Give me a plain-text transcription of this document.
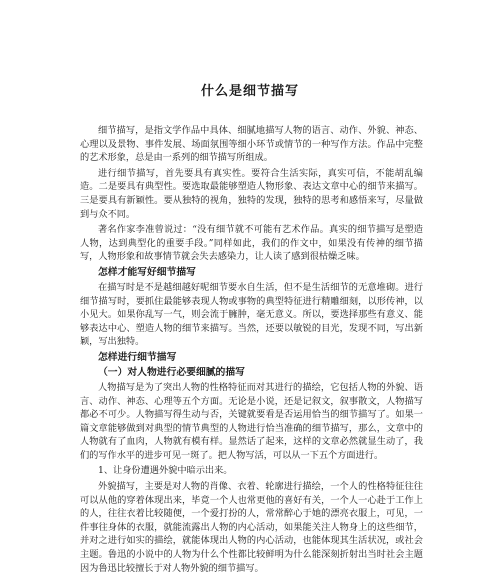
什么是细节描写

细节描写，是指文学作品中具体、细腻地描写人物的语言、动作、外貌、神态、心理以及景物、事件发展、场面氛围等细小环节或情节的一种写作方法。作品中完整的艺术形象，总是由一系列的细节描写所组成。

进行细节描写，首先要具有真实性。要符合生活实际，真实可信，不能胡乱编造。二是要具有典型性。要选取最能够塑造人物形象、表达文章中心的细节来描写。三是要具有新颖性。要从独特的视角，独特的发现，独特的思考和感悟来写，尽量做到与众不同。

著名作家李准曾说过：“没有细节就不可能有艺术作品。真实的细节描写是塑造人物，达到典型化的重要手段。”同样如此，我们的作文中，如果没有传神的细节描写，人物形象和故事情节就会失去感染力，让人读了感到很枯燥乏味。

怎样才能写好细节描写

在描写时是不是越细越好呢细节要水自生活，但不是生活细节的无意堆砌。进行细节描写时，要抓住最能够表现人物或事物的典型特征进行精雕细刻，以形传神，以小见大。如果你乱写一气，则会流于臃肿，毫无意义。所以，要选择那些有意义、能够表达中心、塑造人物的细节来描写。当然，还要以敏锐的目光，发现不同，写出新颖，写出独特。

怎样进行细节描写
（一）对人物进行必要细腻的描写

人物描写是为了突出人物的性格特征而对其进行的描绘，它包括人物的外貌、语言、动作、神态、心理等五个方面。无论是小说，还是记叙文，叙事散文，人物描写都必不可少。人物描写得生动与否，关键就要看是否运用恰当的细节描写了。如果一篇文章能够做到对典型的情节典型的人物进行恰当准确的细节描写，那么，文章中的人物就有了血肉，人物就有模有样。显然话了起来，这样的文章必然就显生动了，我们的写作水平的进步可见一斑了。把人物写活，可以从一下五个方面进行。

1、让身份遭遇外貌中暗示出来。

外貌描写，主要是对人物的肖像、衣着、轮廓进行描绘，一个人的性格特征往往可以从他的穿着体现出来，毕竟一个人也常更他的喜好有关，一个人一心赴于工作上的人，往往衣着比较随便，一个爱打扮的人，常常醉心于她的漂亮衣服上，可见，一件事往身体的衣服，就能流露出人物的内心活动，如果能关注人物身上的这些细节，并对之进行如实的描绘，就能体现出人物的内心活动，也能体现其生活状况，或社会主题。鲁迅的小说中的人物为什么个性都比较鲜明为什么能深刻折射出当时社会主题因为鲁迅比较擅长于对人物外貌的细节描写。
